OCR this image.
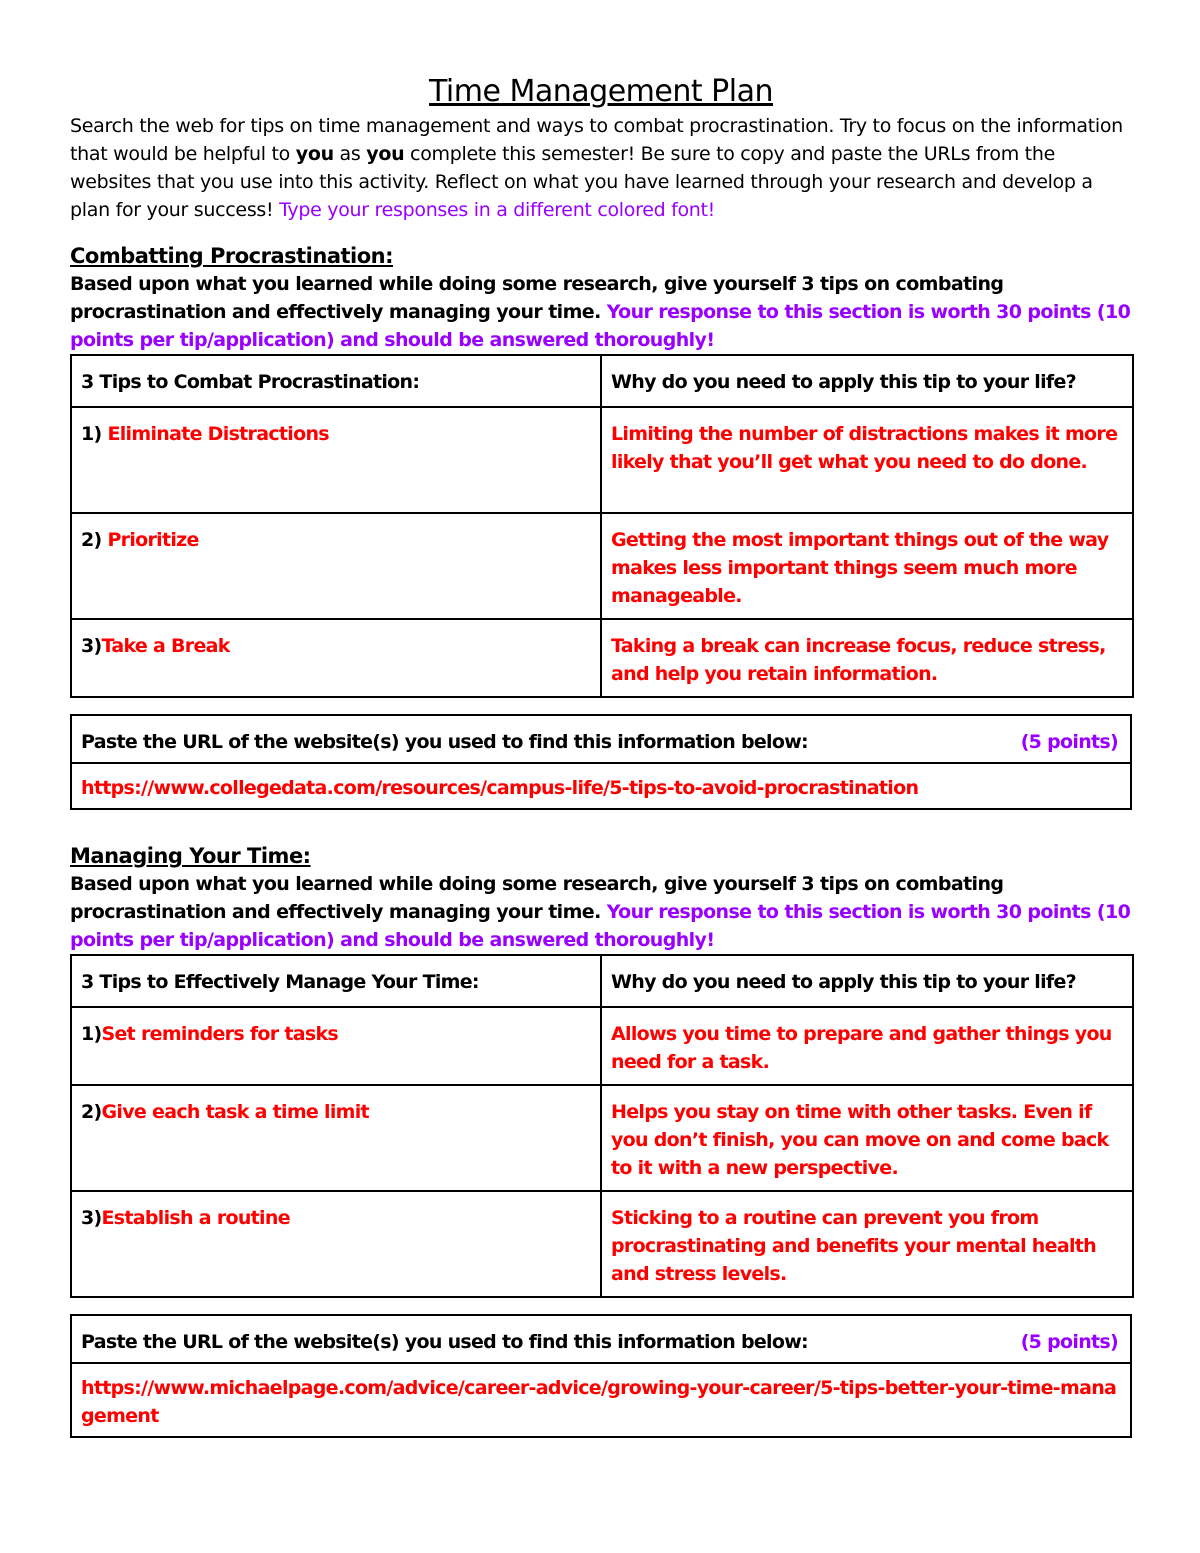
Time Management Plan

Search the web for tips on time management and ways to combat procrastination. Try to focus on the information that would be helpful to you as you complete this semester! Be sure to copy and paste the URLs from the websites that you use into this activity. Reflect on what you have learned through your research and develop a plan for your success! Type your responses in a different colored font!

Combatting Procrastination:

Based upon what you learned while doing some research, give yourself 3 tips on combating procrastination and effectively managing your time. Your response to this section is worth 30 points (10 points per tip/application) and should be answered thoroughly!

3 Tips to Combat Procrastination:	Why do you need to apply this tip to your life?
1) Eliminate Distractions	Limiting the number of distractions makes it more likely that you’ll get what you need to do done.
2) Prioritize	Getting the most important things out of the way makes less important things seem much more manageable.
3)Take a Break	Taking a break can increase focus, reduce stress, and help you retain information.
Paste the URL of the website(s) you used to find this information below:	(5 points)
https://www.collegedata.com/resources/campus-life/5-tips-to-avoid-procrastination
Managing Your Time:

Based upon what you learned while doing some research, give yourself 3 tips on combating procrastination and effectively managing your time. Your response to this section is worth 30 points (10 points per tip/application) and should be answered thoroughly!

3 Tips to Effectively Manage Your Time:	Why do you need to apply this tip to your life?
1)Set reminders for tasks	Allows you time to prepare and gather things you need for a task.
2)Give each task a time limit	Helps you stay on time with other tasks. Even if you don’t finish, you can move on and come back to it with a new perspective.
3)Establish a routine	Sticking to a routine can prevent you from procrastinating and benefits your mental health and stress levels.
Paste the URL of the website(s) you used to find this information below:	(5 points)
https://www.michaelpage.com/advice/career-advice/growing-your-career/5-tips-better-your-time-management
